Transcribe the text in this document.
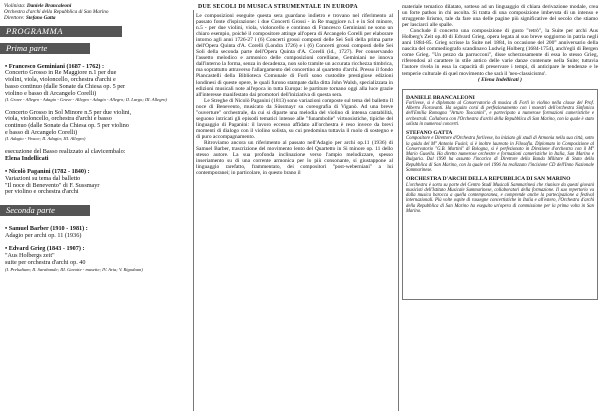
Violinista: Daniele Brancaleoni
Orchestra d'archi della Repubblica di San Marino
Direttore: Stefano Gatta
PROGRAMMA
Prima parte
• Francesco Geminiani (1687 - 1762) :
Concerto Grosso in Re Maggiore n.1 per due
violini, viola, violoncello, orchestra d'archi e
basso continuo (dalle Sonate da Chiesa op. 5 per
violino e basso di Arcangelo Corelli)
(I. Grave - Allegro - Adagio - Grave - Allegro - Adagio - Allegro; II. Largo; III. Allegro)
Concerto Grosso in Sol Minore n.5 per due violini,
viola, violoncello, orchestra d'archi e basso
continuo (dalle Sonate da Chiesa op. 5 per violino
e basso di Arcangelo Corelli)
(I. Adagio - Vivace; II. Adagio; III. Allegro)
esecuzione del Basso realizzato al clavicembalo:
Elena Indellicati
• Nicolò Paganini (1782 - 1840) :
Variazioni su tema dal balletto
"Il noce di Benevento" di F. Sussmayr
per violino e orchestra d'archi
Seconda parte
• Samuel Barber (1910 - 1981) :
Adagio per archi op. 11 (1936)
• Edvard Grieg (1843 - 1907) :
"Aus Holbergs zeit"
suite per orchestra d'archi op. 40
(I. Preludium; II. Sarabande; III. Gavotte - musette; IV. Aria; V. Rigodaun)
DUE SECOLI DI MUSICA STRUMENTALE IN EUROPA
Le composizioni eseguite questa sera guardano indietro e trovano nel riferimento al passato fonte d'ispirazione: i due Concerti Grossi - in Re maggiore n.1 e in Sol minore, n.5 - per due violini, viola, violoncello e continuo di Francesco Geminiani ne sono un chiaro esempio, poiché il compositore attinge all'opera di Arcangelo Corelli per elaborare intorno agli anni 1726-27 i (6) Concerti grossi composti delle Sei Soli della prima parte dell'Opera Quinta d'A. Corelli (Londra 1726) e i (6) Concerti grossi composti delle Sei Soli della seconda parte dell'Opera Quinta d'A. Corelli (id., 1727). Per conservando l'assetto melodico e armonico delle composizioni corelliane, Geminiani ne innova dall'interno la forma, senza in decadenza, non solo tramite un accurata ricchezza timbrica, ma soprattutto attraverso l'allargamento del concertino al quartetto d'archi. Presso il fondo Piancastelli della Biblioteca Comunale di Forlì sono custodite prestigiose edizioni londinesi di queste opere, le quali furono stampate dalla ditta John Walsh, specializzata in edizioni musicali note all'epoca in tutta Europa: le partiture tornano oggi alla luce grazie all'interesse manifestato dai promotori dell'iniziativa di questa sera.
Le Streghe di Nicolò Paganini (1813) sono variazioni composte sul tema del balletto Il noce di Benevento, musicato da Süssmayr su coreografia di Viganò. Ad una breve "ouverture" orchestrale, da cui si dipartе una melodia del violino di intensa cantabilità, seguono intricati gli episodi tematici intense alle "funambolie" virtuosistiche, tipiche del linguaggio di Paganini: il lavoro eccesso affidato all'orchestra è reso invece da brevi momenti di dialogo con il violino solista, su cui predomina tuttavia il ruolo di sostegno e di puro accompagnamento.
Ritroviamo ancora un riferimento al passato nell'Adagio per archi op.11 (1936) di Samuel Barber, trascrizione del movimento lento del Quartetto in Si minore op. 11 dello stesso autore. La sua profonda inclinazione verso l'ampio melodizzare, spesso inseriamento su di una corrente armonica per lo più consonante, si giustappone al linguaggio rarefatto, frammentato, dei compositori "post-weberniani" a lui contemporanei; in particolare, in questo brano il
materiale tematico dilatato, sotteso ad un linguaggio di chiara derivazione modale, crea un forte pathos in chi ascolta. Si tratta di una composizione imbevuta di un intenso e struggente lirismo, tale da fare una delle pagine più significative del secolo che stiamo per lasciarci alle spalle.
Conclude il concerto una composizione di gusto "retrò", la Suite per archi Aus Holberg's Zeit op.40 di Edvard Grieg, opera legata al suo breve soggiorno in patria negli anni 1884-85. Grieg scrisse la Suite nel 1884, in occasione del 200° anniversario della nascita del commediografo scandinavo Ludwig Holberg (1684-1754), anch'egli di Bergen come Grieg. "Un pezzo da parrucconi", disse scherzosamente di essa lo stesso Grieg, riferendosi al carattere in stile antico delle varie danze contenute nella Suite; tuttavia l'autore rivela in essa la capacità di preservare i tempi, di anticipare le tendenze e le temperie culturale di quel movimento che sarà il 'neo-classicismo'.
( Elena Indellicati )
DANIELE BRANCALEONI
Forlivese, si è diplomato al Conservatorio di musica di Forlì in violino nella classe del Prof. Alberto Fioravanti. Ha seguito corsi di perfezionamento con i maestri dell'orchestra Sinfonica dell'Emilia Romagna "Arturo Toscanini", e partecipato a numerose formazioni cameristiche e orchestrali. Collabora con l'Orchestra d'archi della Repubblica di San Marino, con la quale è stato solista in numerosi concerti.
STEFANO GATTA
Compositore e Direttore d'Orchestra forlivese, ha iniziato gli studi di Armonia nella sua città, sotto la guida del M° Antonio Fusini; si è inoltre laureato in Filosofia. Diplomato in Composizione al Conservatorio "G.B. Martini" di Bologna, si è perfezionato in Direzione d'orchestra con il M° Mario Gusella. Ha diretto numerose orchestre e formazioni cameristiche in Italia, San Marino e Bulgaria. Dal 1990 ha assunto l'incarico di Direttore della Banda Militare di Stato della Repubblica di San Marino, con la quale nel 1996 ha realizzato l'incisione CD dell'Inno Nazionale Sammarinese.
ORCHESTRA D'ARCHI DELLA REPUBBLICA DI SAN MARINO
L'orchestra è sorta su parte del Centro Studi Musicali Sammarinesi che riunisce da questi giovani musicisti dell'Istituto Musicale Sammarinese, collaboratori della formazione. Il suo repertorio va dalla musica barocca a quella contemporanea, e comprende anche la partecipazione a festival internazionali. Più volte ospite di rassegne concertistiche in Italia e all'estero, l'Orchestra d'archi della Repubblica di San Marino ha eseguito un'opera di commissione per la prima volta in San Marino.
